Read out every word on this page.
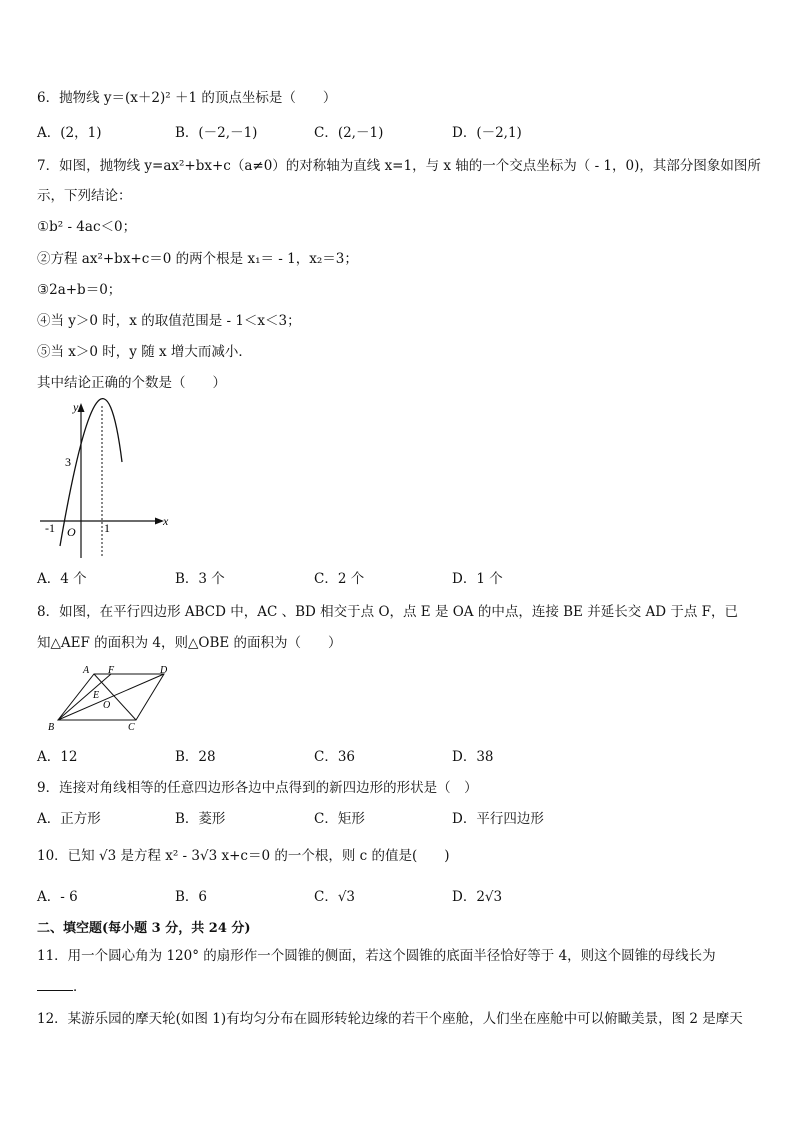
6．抛物线 y＝(x＋2)² ＋1 的顶点坐标是（　　）
A．(2，1)	B．(－2,－1)	C．(2,－1)	D．(－2,1)
7．如图，抛物线 y=ax²+bx+c（a≠0）的对称轴为直线 x=1，与 x 轴的一个交点坐标为（ - 1，0)，其部分图象如图所
示，下列结论：
①b² - 4ac＜0；
②方程 ax²+bx+c＝0 的两个根是 x₁＝ - 1，x₂＝3；
③2a+b＝0；
④当 y＞0 时，x 的取值范围是 - 1＜x＜3；
⑤当 x＞0 时，y 随 x 增大而减小．
其中结论正确的个数是（　　）
y
x
3
-1 O 1
A．4 个	B．3 个	C．2 个	D．1 个
8．如图，在平行四边形 ABCD 中，AC 、BD 相交于点 O，点 E 是 OA 的中点，连接 BE 并延长交 AD 于点 F，已
知△AEF 的面积为 4，则△OBE 的面积为（　　）
A F	D
E
O
B	C
A．12	B．28	C．36	D．38
9．连接对角线相等的任意四边形各边中点得到的新四边形的形状是（　）
A．正方形	B．菱形	C．矩形	D．平行四边形
10．已知 √3 是方程 x² - 3√3 x+c＝0 的一个根，则 c 的值是(　　)
A．- 6	B．6	C．√3	D．2√3
二、填空题(每小题 3 分，共 24 分)
11．用一个圆心角为 120° 的扇形作一个圆锥的侧面，若这个圆锥的底面半径恰好等于 4，则这个圆锥的母线长为
．
12．某游乐园的摩天轮(如图 1)有均匀分布在圆形转轮边缘的若干个座舱，人们坐在座舱中可以俯瞰美景，图 2 是摩天
